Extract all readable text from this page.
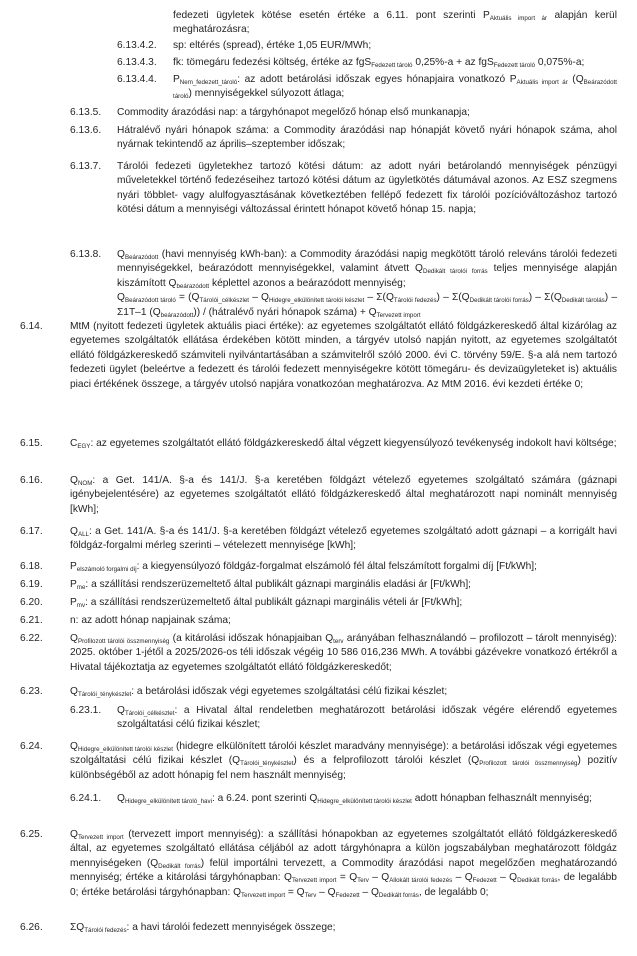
fedezeti ügyletek kötése esetén értéke a 6.11. pont szerinti $P_{Aktuális import ár}$ alapján kerül meghatározásra;
6.13.4.2. sp: eltérés (spread), értéke 1,05 EUR/MWh;
6.13.4.3. fk: tömegáru fedezési költség, értéke az fgS$_{Fedezett tároló}$ 0,25%-a + az fgS$_{Fedezett tároló}$ 0,075%-a;
6.13.4.4. $P_{Nem\_fedezett\_tároló}$: az adott betárolási időszak egyes hónapjaira vonatkozó $P_{Aktuális import ár}$ $(Q_{Beárazódott tároló})$ mennyiségekkel súlyozott átlaga;
6.13.5. Commodity árazódási nap: a tárgyhónapot megelőző hónap első munkanapja;
6.13.6. Hátralévő nyári hónapok száma: a Commodity árazódási nap hónapját követő nyári hónapok száma, ahol nyárnak tekintendő az április–szeptember időszak;
6.13.7. Tárolói fedezeti ügyletekhez tartozó kötési dátum: az adott nyári betárolandó mennyiségek pénzügyi műveletekkel történő fedezéseihez tartozó kötési dátum az ügyletkötés dátumával azonos. Az ESZ szegmens nyári többlet- vagy alulfogyasztásának következtében fellépő fedezett fix tárolói pozícióváltozáshoz tartozó kötési dátum a mennyiségi változással érintett hónapot követő hónap 15. napja;
6.13.8. $Q_{Beárazódott}$ (havi mennyiség kWh-ban): a Commodity árazódási napig megkötött tároló releváns tárolói fedezeti mennyiségekkel, beárazódott mennyiségekkel, valamint átvett $Q_{Dedikált tárolói forrás}$ teljes mennyisége alapján kiszámított $Q_{beárazódott}$ képlettel azonos a beárazódott mennyiség;
$Q_{Beárazódott tároló} = (Q_{Tárolói\_célkészlet} - Q_{Hidegre\_elkülönített tárolói készlet} - \Sigma(Q_{Tárolói fedezés}) - \Sigma(Q_{Dedikált tárolói forrás}) - \Sigma(Q_{Dedikált tárolás}) - \Sigma 1T-1$ $(Q_{beárazódott})$) / (hátralévő nyári hónapok száma) + $Q_{Tervezett import}$
6.14.	MtM (nyitott fedezeti ügyletek aktuális piaci értéke): az egyetemes szolgáltatót ellátó földgázkereskedő által kizárólag az egyetemes szolgáltatók ellátása érdekében kötött minden, a tárgyév utolsó napján nyitott, az egyetemes szolgáltatót ellátó földgázkereskedő számviteli nyilvántartásában a számvitelről szóló 2000. évi C. törvény 59/E. §-a alá nem tartozó fedezeti ügylet (beleértve a fedezett és tárolói fedezett mennyiségekre kötött tömegáru- és devizaügyleteket is) aktuális piaci értékének összege, a tárgyév utolsó napjára vonatkozóan meghatározva. Az MtM 2016. évi kezdeti értéke 0;
6.15.	$C_{EGY}$: az egyetemes szolgáltatót ellátó földgázkereskedő által végzett kiegyensúlyozó tevékenység indokolt havi költsége;
6.16.	$Q_{NOM}$: a Get. 141/A. §-a és 141/J. §-a keretében földgázt vételező egyetemes szolgáltató számára (gáznapi igénybejelentésére) az egyetemes szolgáltatót ellátó földgázkereskedő által meghatározott napi nominált mennyiség [kWh];
6.17.	$Q_{ALL}$: a Get. 141/A. §-a és 141/J. §-a keretében földgázt vételező egyetemes szolgáltató adott gáznapi – a korrigált havi földgáz-forgalmi mérleg szerinti – vételezett mennyisége [kWh];
6.18.	$P_{elszámoló forgalmi díj}$: a kiegyensúlyozó földgáz-forgalmat elszámoló fél által felszámított forgalmi díj [Ft/kWh];
6.19.	$P_{me}$: a szállítási rendszerüzemeltető által publikált gáznapi marginális eladási ár [Ft/kWh];
6.20.	$P_{mv}$: a szállítási rendszerüzemeltető által publikált gáznapi marginális vételi ár [Ft/kWh];
6.21.	n: az adott hónap napjainak száma;
6.22.	$Q_{Profilozott tárolói összmennyiség}$ (a kitárolási időszak hónapjaiban $Q_{terv}$ arányában felhasználandó – profilozott – tárolt mennyiség): 2025. október 1-jétől a 2025/2026-os téli időszak végéig 10 586 016,236 MWh. A további gázévekre vonatkozó értékről a Hivatal tájékoztatja az egyetemes szolgáltatót ellátó földgázkereskedőt;
6.23.	$Q_{Tárolói\_tényk​észlet}$: a betárolási időszak végi egyetemes szolgáltatási célú fizikai készlet;
6.23.1. $Q_{Tárolói\_célkészlet}$: a Hivatal által rendeletben meghatározott betárolási időszak végére elérendő egyetemes szolgáltatási célú fizikai készlet;
6.24.	$Q_{Hidegre\_elkülönített tárolói készlet}$ (hidegre elkülönített tárolói készlet maradvány mennyisége): a betárolási időszak végi egyetemes szolgáltatási célú fizikai készlet $(Q_{Tárolói\_tényk​észlet})$ és a felprofilozott tárolói készlet $(Q_{Profilozott tárolói összmennyiség})$ pozitív különbségéből az adott hónapig fel nem használt mennyiség;
6.24.1. $Q_{Hidegre\_elkülönített tároló\_havi}$: a 6.24. pont szerinti $Q_{Hidegre\_elkülönített tárolói készlet}$ adott hónapban felhasznált mennyiség;
6.25.	$Q_{Tervezett import}$ (tervezett import mennyiség): a szállítási hónapokban az egyetemes szolgáltatót ellátó földgázkereskedő által, az egyetemes szolgáltató ellátása céljából az adott tárgyhónapra a külön jogszabályban meghatározott földgáz mennyiségeken $(Q_{Dedikált forrás})$ felül importálni tervezett, a Commodity árazódási napot megelőzően meghatározandó mennyiség; értéke a kitárolási tárgyhónapban: $Q_{Tervezett import} = Q_{Terv} - Q_{Allokált tárolói fedezés} - Q_{Fedezett} - Q_{Dedikált forrás}$, de legalább 0; értéke betárolási tárgyhónapban: $Q_{Tervezett import} = Q_{Terv} - Q_{Fedezett} - Q_{Dedikált forrás}$, de legalább 0;
6.26.	$\Sigma Q_{Tárolói fedezés}$: a havi tárolói fedezett mennyiségek összege;
